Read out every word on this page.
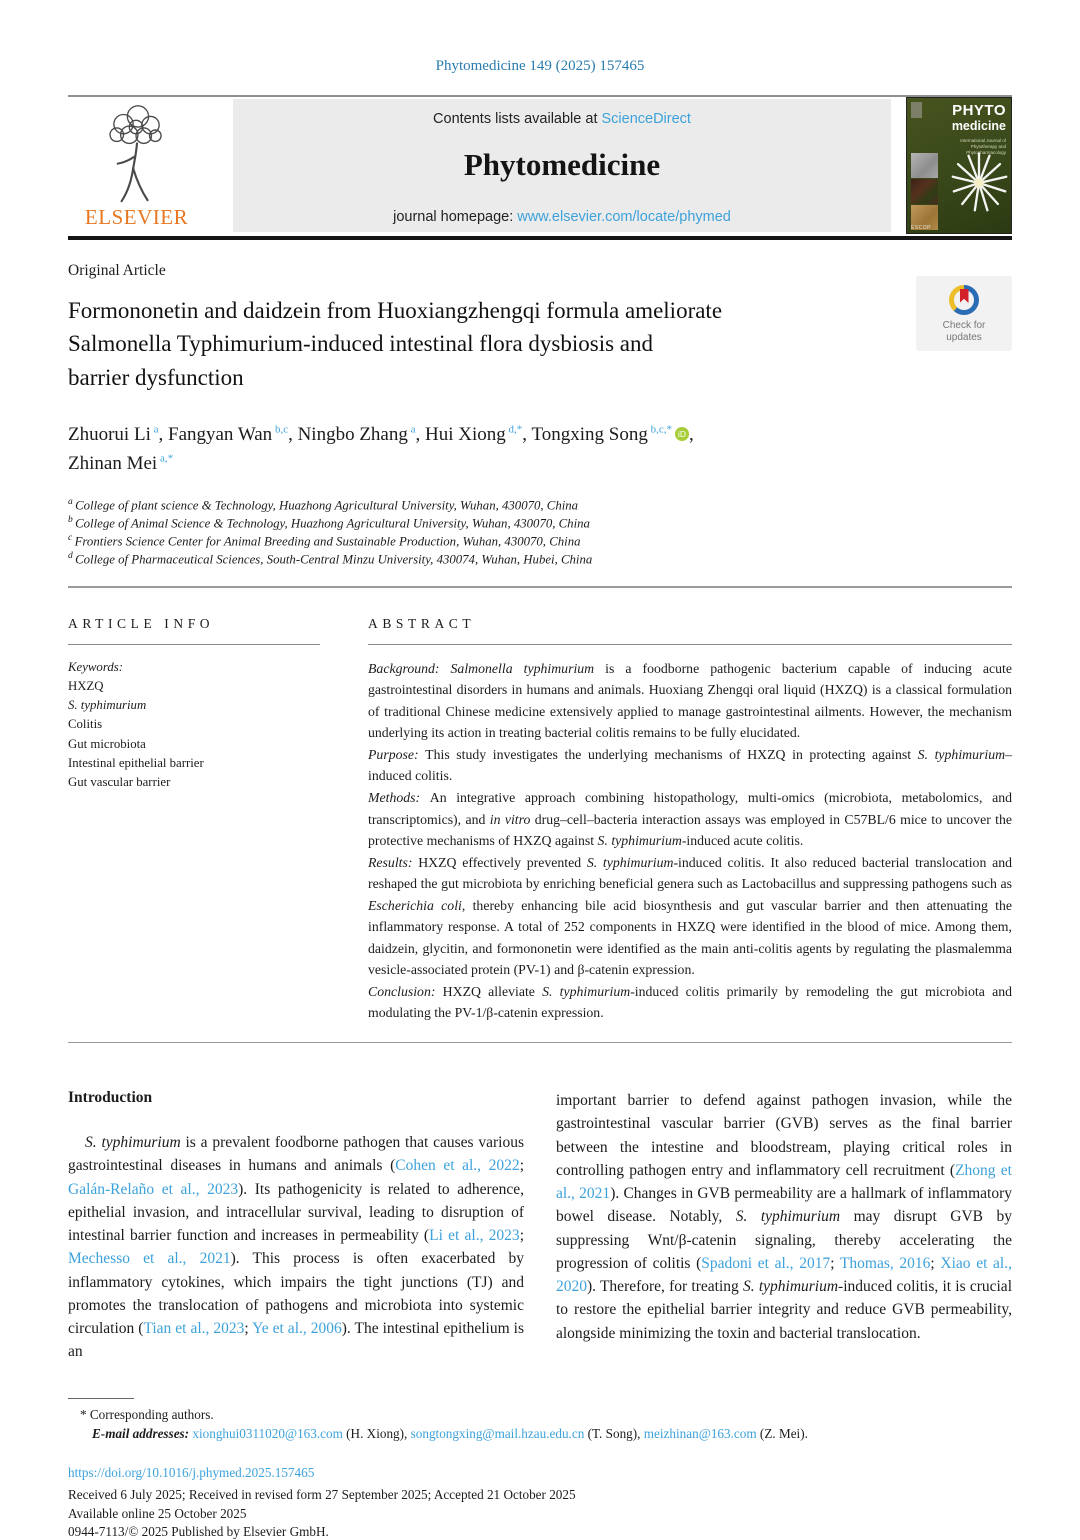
Phytomedicine 149 (2025) 157465
ELSEVIER
Contents lists available at ScienceDirect
Phytomedicine
journal homepage: www.elsevier.com/locate/phymed
PHYTO
medicine
International Journal of Phytotherapy and Phytopharmacology
ESCOP
Original Article
Check for updates
Formononetin and daidzein from Huoxiangzhengqi formula ameliorate
Salmonella Typhimurium-induced intestinal flora dysbiosis and
barrier dysfunction
Zhuorui Li $^a$, Fangyan Wan $^{b,c}$, Ningbo Zhang $^a$, Hui Xiong $^{d,*}$, Tongxing Song $^{b,c,*}$ iD ,
Zhinan Mei $^{a,*}$
$^a$ College of plant science & Technology, Huazhong Agricultural University, Wuhan, 430070, China
$^b$ College of Animal Science & Technology, Huazhong Agricultural University, Wuhan, 430070, China
$^c$ Frontiers Science Center for Animal Breeding and Sustainable Production, Wuhan, 430070, China
$^d$ College of Pharmaceutical Sciences, South-Central Minzu University, 430074, Wuhan, Hubei, China
ARTICLE INFO
Keywords:
HXZQ
S. typhimurium
Colitis
Gut microbiota
Intestinal epithelial barrier
Gut vascular barrier
ABSTRACT
Background: Salmonella typhimurium is a foodborne pathogenic bacterium capable of inducing acute gastrointestinal disorders in humans and animals. Huoxiang Zhengqi oral liquid (HXZQ) is a classical formulation of traditional Chinese medicine extensively applied to manage gastrointestinal ailments. However, the mechanism underlying its action in treating bacterial colitis remains to be fully elucidated.
Purpose: This study investigates the underlying mechanisms of HXZQ in protecting against S. typhimurium–induced colitis.
Methods: An integrative approach combining histopathology, multi-omics (microbiota, metabolomics, and transcriptomics), and in vitro drug–cell–bacteria interaction assays was employed in C57BL/6 mice to uncover the protective mechanisms of HXZQ against S. typhimurium-induced acute colitis.
Results: HXZQ effectively prevented S. typhimurium-induced colitis. It also reduced bacterial translocation and reshaped the gut microbiota by enriching beneficial genera such as Lactobacillus and suppressing pathogens such as Escherichia coli, thereby enhancing bile acid biosynthesis and gut vascular barrier and then attenuating the inflammatory response. A total of 252 components in HXZQ were identified in the blood of mice. Among them, daidzein, glycitin, and formononetin were identified as the main anti-colitis agents by regulating the plasmalemma vesicle-associated protein (PV-1) and β-catenin expression.
Conclusion: HXZQ alleviate S. typhimurium-induced colitis primarily by remodeling the gut microbiota and modulating the PV-1/β-catenin expression.
Introduction
S. typhimurium is a prevalent foodborne pathogen that causes various gastrointestinal diseases in humans and animals (Cohen et al., 2022; Galán-Relaño et al., 2023). Its pathogenicity is related to adherence, epithelial invasion, and intracellular survival, leading to disruption of intestinal barrier function and increases in permeability (Li et al., 2023; Mechesso et al., 2021). This process is often exacerbated by inflammatory cytokines, which impairs the tight junctions (TJ) and promotes the translocation of pathogens and microbiota into systemic circulation (Tian et al., 2023; Ye et al., 2006). The intestinal epithelium is an
important barrier to defend against pathogen invasion, while the gastrointestinal vascular barrier (GVB) serves as the final barrier between the intestine and bloodstream, playing critical roles in controlling pathogen entry and inflammatory cell recruitment (Zhong et al., 2021). Changes in GVB permeability are a hallmark of inflammatory bowel disease. Notably, S. typhimurium may disrupt GVB by suppressing Wnt/β-catenin signaling, thereby accelerating the progression of colitis (Spadoni et al., 2017; Thomas, 2016; Xiao et al., 2020). Therefore, for treating S. typhimurium-induced colitis, it is crucial to restore the epithelial barrier integrity and reduce GVB permeability, alongside minimizing the toxin and bacterial translocation.
* Corresponding authors.
E-mail addresses: xionghui0311020@163.com (H. Xiong), songtongxing@mail.hzau.edu.cn (T. Song), meizhinan@163.com (Z. Mei).
https://doi.org/10.1016/j.phymed.2025.157465
Received 6 July 2025; Received in revised form 27 September 2025; Accepted 21 October 2025
Available online 25 October 2025
0944-7113/© 2025 Published by Elsevier GmbH.
